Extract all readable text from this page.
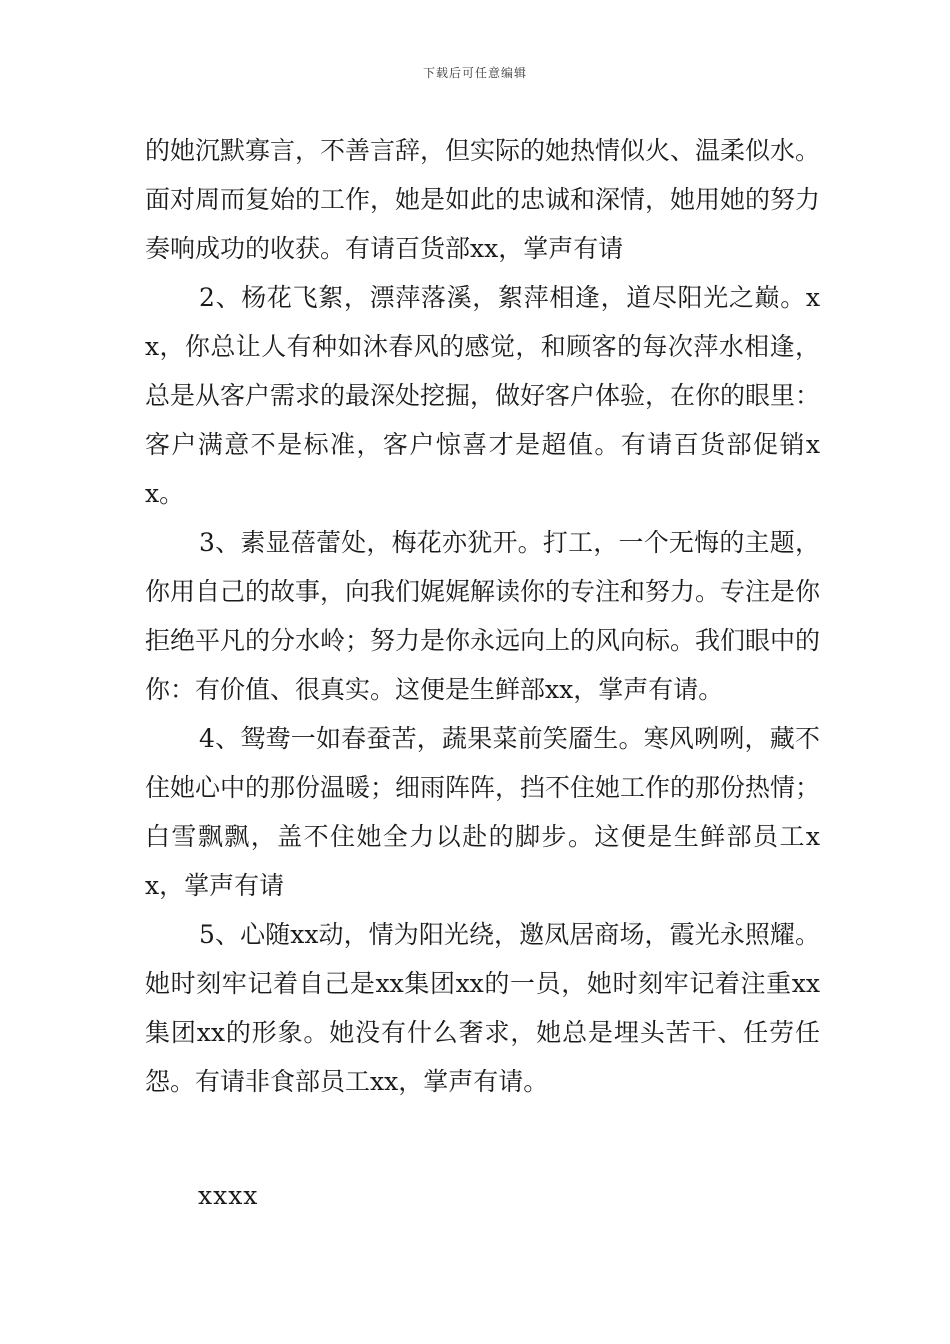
下载后可任意编辑

的她沉默寡言，不善言辞，但实际的她热情似火、温柔似水。面对周而复始的工作，她是如此的忠诚和深情，她用她的努力奏响成功的收获。有请百货部xx，掌声有请

2、杨花飞絮，漂萍落溪，絮萍相逢，道尽阳光之巅。xx，你总让人有种如沐春风的感觉，和顾客的每次萍水相逢，总是从客户需求的最深处挖掘，做好客户体验，在你的眼里：客户满意不是标准，客户惊喜才是超值。有请百货部促销xx。

3、素显蓓蕾处，梅花亦犹开。打工，一个无悔的主题，你用自己的故事，向我们娓娓解读你的专注和努力。专注是你拒绝平凡的分水岭；努力是你永远向上的风向标。我们眼中的你：有价值、很真实。这便是生鲜部xx，掌声有请。

4、鸳鸯一如春蚕苦，蔬果菜前笑靥生。寒风咧咧，藏不住她心中的那份温暖；细雨阵阵，挡不住她工作的那份热情；白雪飘飘，盖不住她全力以赴的脚步。这便是生鲜部员工xx，掌声有请

5、心随xx动，情为阳光绕，邀凤居商场，霞光永照耀。她时刻牢记着自己是xx集团xx的一员，她时刻牢记着注重xx集团xx的形象。她没有什么奢求，她总是埋头苦干、任劳任怨。有请非食部员工xx，掌声有请。

xxxx
